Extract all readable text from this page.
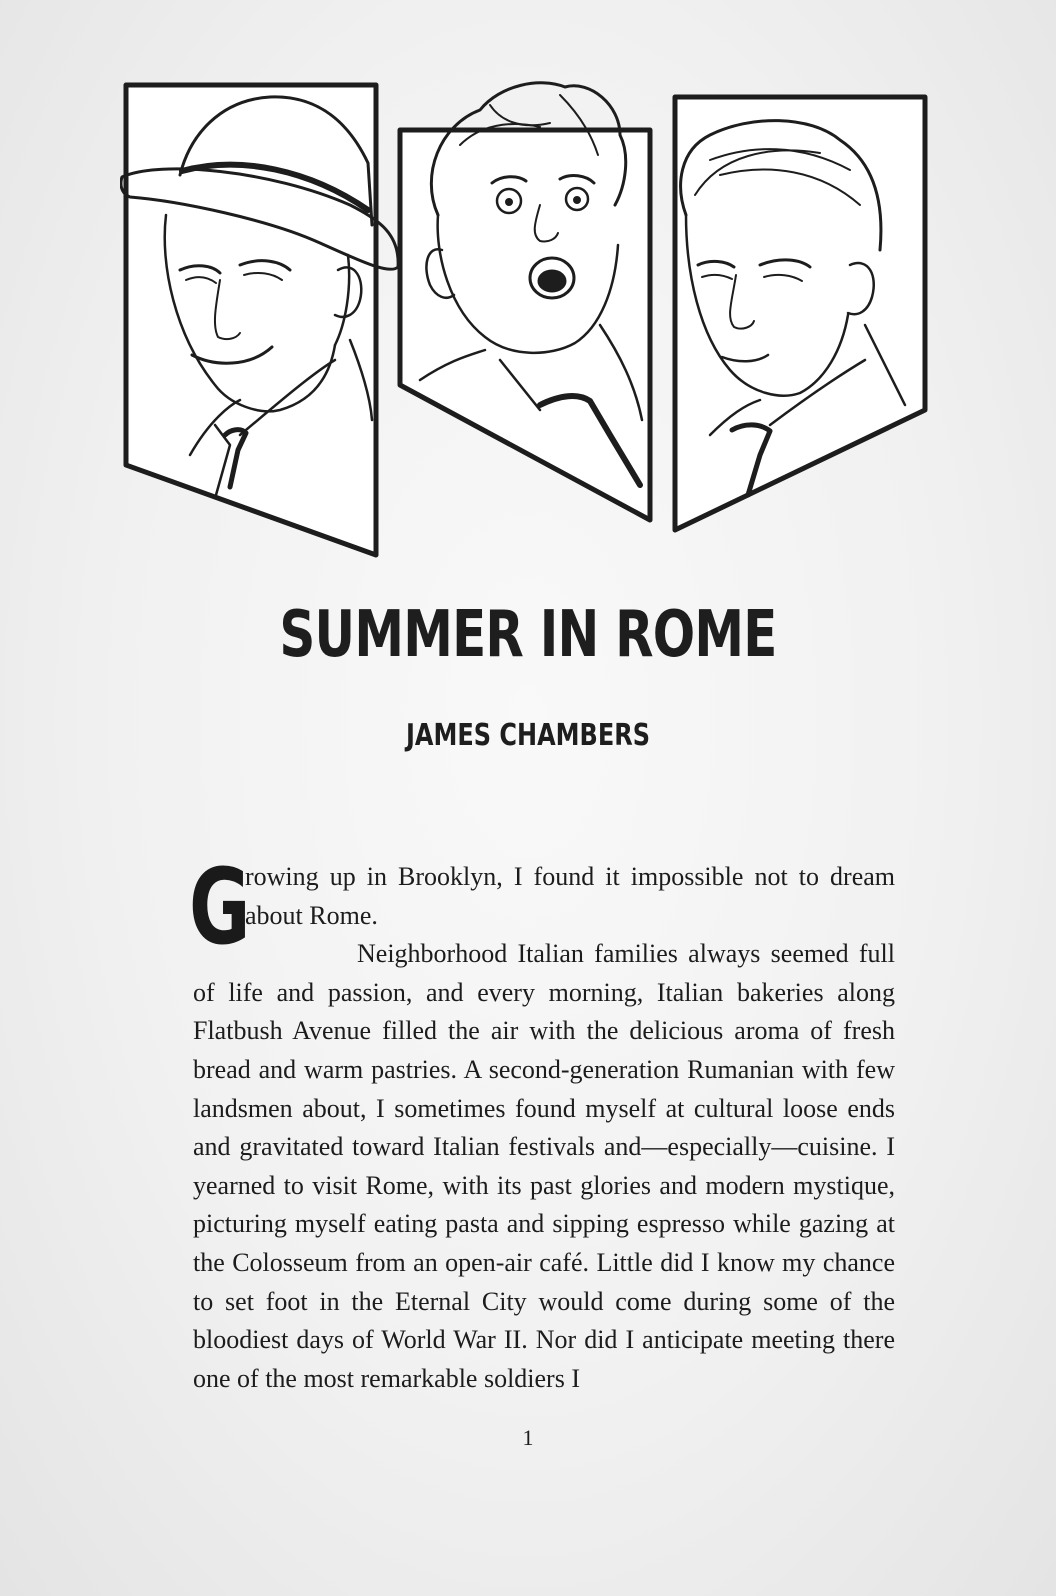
SUMMER IN ROME
JAMES CHAMBERS

G
rowing up in Brooklyn, I found it impossible not to dream about Rome.

Neighborhood Italian families always seemed full of life and passion, and every morning, Italian bakeries along Flatbush Avenue filled the air with the delicious aroma of fresh bread and warm pastries. A second-generation Rumanian with few landsmen about, I sometimes found myself at cultural loose ends and gravitated toward Italian festivals and—especially—cuisine. I yearned to visit Rome, with its past glories and modern mystique, picturing myself eating pasta and sipping espresso while gazing at the Colosseum from an open-air café. Little did I know my chance to set foot in the Eternal City would come during some of the bloodiest days of World War II. Nor did I anticipate meeting there one of the most remarkable soldiers I

1
